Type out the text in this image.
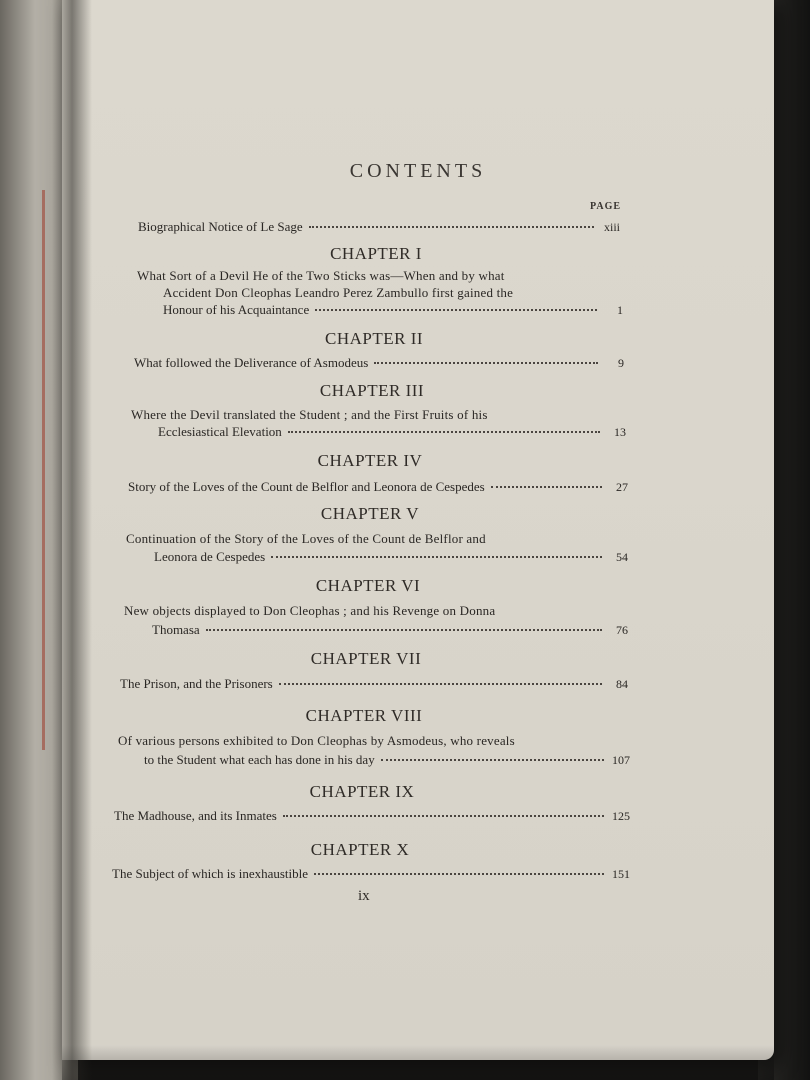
CONTENTS
PAGE
Biographical Notice of Le Sage	xiii
CHAPTER I
What Sort of a Devil He of the Two Sticks was—When and by what
Accident Don Cleophas Leandro Perez Zambullo first gained the
Honour of his Acquaintance	1
CHAPTER II
What followed the Deliverance of Asmodeus	9
CHAPTER III
Where the Devil translated the Student ; and the First Fruits of his
Ecclesiastical Elevation	13
CHAPTER IV
Story of the Loves of the Count de Belflor and Leonora de Cespedes	27
CHAPTER V
Continuation of the Story of the Loves of the Count de Belflor and
Leonora de Cespedes	54
CHAPTER VI
New objects displayed to Don Cleophas ; and his Revenge on Donna
Thomasa	76
CHAPTER VII
The Prison, and the Prisoners	84
CHAPTER VIII
Of various persons exhibited to Don Cleophas by Asmodeus, who reveals
to the Student what each has done in his day	107
CHAPTER IX
The Madhouse, and its Inmates	125
CHAPTER X
The Subject of which is inexhaustible	151
ix
